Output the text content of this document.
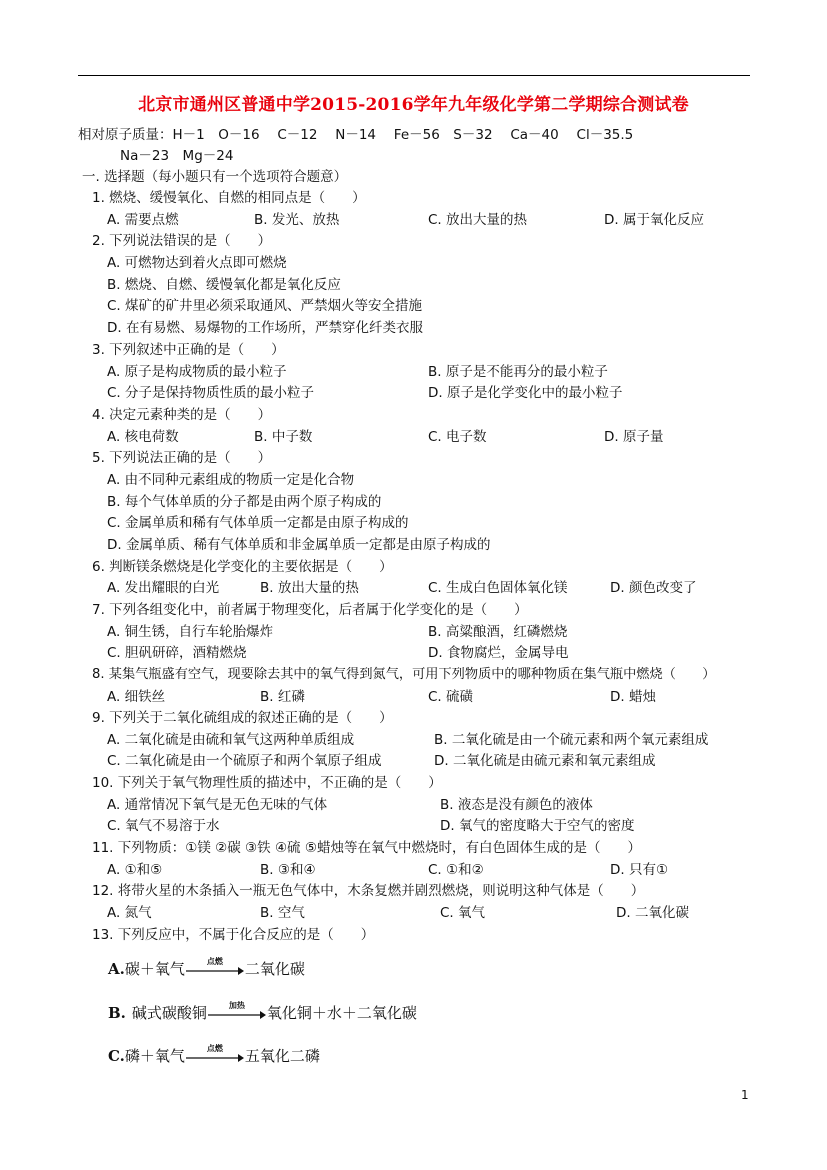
北京市通州区普通中学2015-2016学年九年级化学第二学期综合测试卷
相对原子质量：H－1　O－16　 C－12　 N－14　 Fe－56　S－32　 Ca－40　 Cl－35.5
Na－23　Mg－24
一. 选择题（每小题只有一个选项符合题意）
1. 燃烧、缓慢氧化、自燃的相同点是（　　）
A. 需要点燃	B. 发光、放热	C. 放出大量的热	D. 属于氧化反应
2. 下列说法错误的是（　　）
A. 可燃物达到着火点即可燃烧
B. 燃烧、自燃、缓慢氧化都是氧化反应
C. 煤矿的矿井里必须采取通风、严禁烟火等安全措施
D. 在有易燃、易爆物的工作场所，严禁穿化纤类衣服
3. 下列叙述中正确的是（　　）
A. 原子是构成物质的最小粒子	B. 原子是不能再分的最小粒子
C. 分子是保持物质性质的最小粒子	D. 原子是化学变化中的最小粒子
4. 决定元素种类的是（　　）
A. 核电荷数	B. 中子数	C. 电子数	D. 原子量
5. 下列说法正确的是（　　）
A. 由不同种元素组成的物质一定是化合物
B. 每个气体单质的分子都是由两个原子构成的
C. 金属单质和稀有气体单质一定都是由原子构成的
D. 金属单质、稀有气体单质和非金属单质一定都是由原子构成的
6. 判断镁条燃烧是化学变化的主要依据是（　　）
A. 发出耀眼的白光	B. 放出大量的热	C. 生成白色固体氧化镁	D. 颜色改变了
7. 下列各组变化中，前者属于物理变化，后者属于化学变化的是（　　）
A. 铜生锈，自行车轮胎爆炸	B. 高粱酿酒，红磷燃烧
C. 胆矾研碎，酒精燃烧	D. 食物腐烂，金属导电
8. 某集气瓶盛有空气，现要除去其中的氧气得到氮气，可用下列物质中的哪种物质在集气瓶中燃烧（　　）
A. 细铁丝	B. 红磷	C. 硫磺	D. 蜡烛
9. 下列关于二氧化硫组成的叙述正确的是（　　）
A. 二氧化硫是由硫和氧气这两种单质组成	B. 二氧化硫是由一个硫元素和两个氧元素组成
C. 二氧化硫是由一个硫原子和两个氧原子组成	D. 二氧化硫是由硫元素和氧元素组成
10. 下列关于氧气物理性质的描述中，不正确的是（　　）
A. 通常情况下氧气是无色无味的气体	B. 液态是没有颜色的液体
C. 氧气不易溶于水	D. 氧气的密度略大于空气的密度
11. 下列物质：①镁 ②碳 ③铁 ④硫 ⑤蜡烛等在氧气中燃烧时，有白色固体生成的是（　　）
A. ①和⑤	B. ③和④	C. ①和②	D. 只有①
12. 将带火星的木条插入一瓶无色气体中，木条复燃并剧烈燃烧，则说明这种气体是（　　）
A. 氮气	B. 空气	C. 氧气	D. 二氧化碳
13. 下列反应中，不属于化合反应的是（　　）
A. 碳＋氧气	点燃	二氧化碳
B. 碱式碳酸铜	加热	氧化铜＋水＋二氧化碳
C. 磷＋氧气	点燃	五氧化二磷
1
